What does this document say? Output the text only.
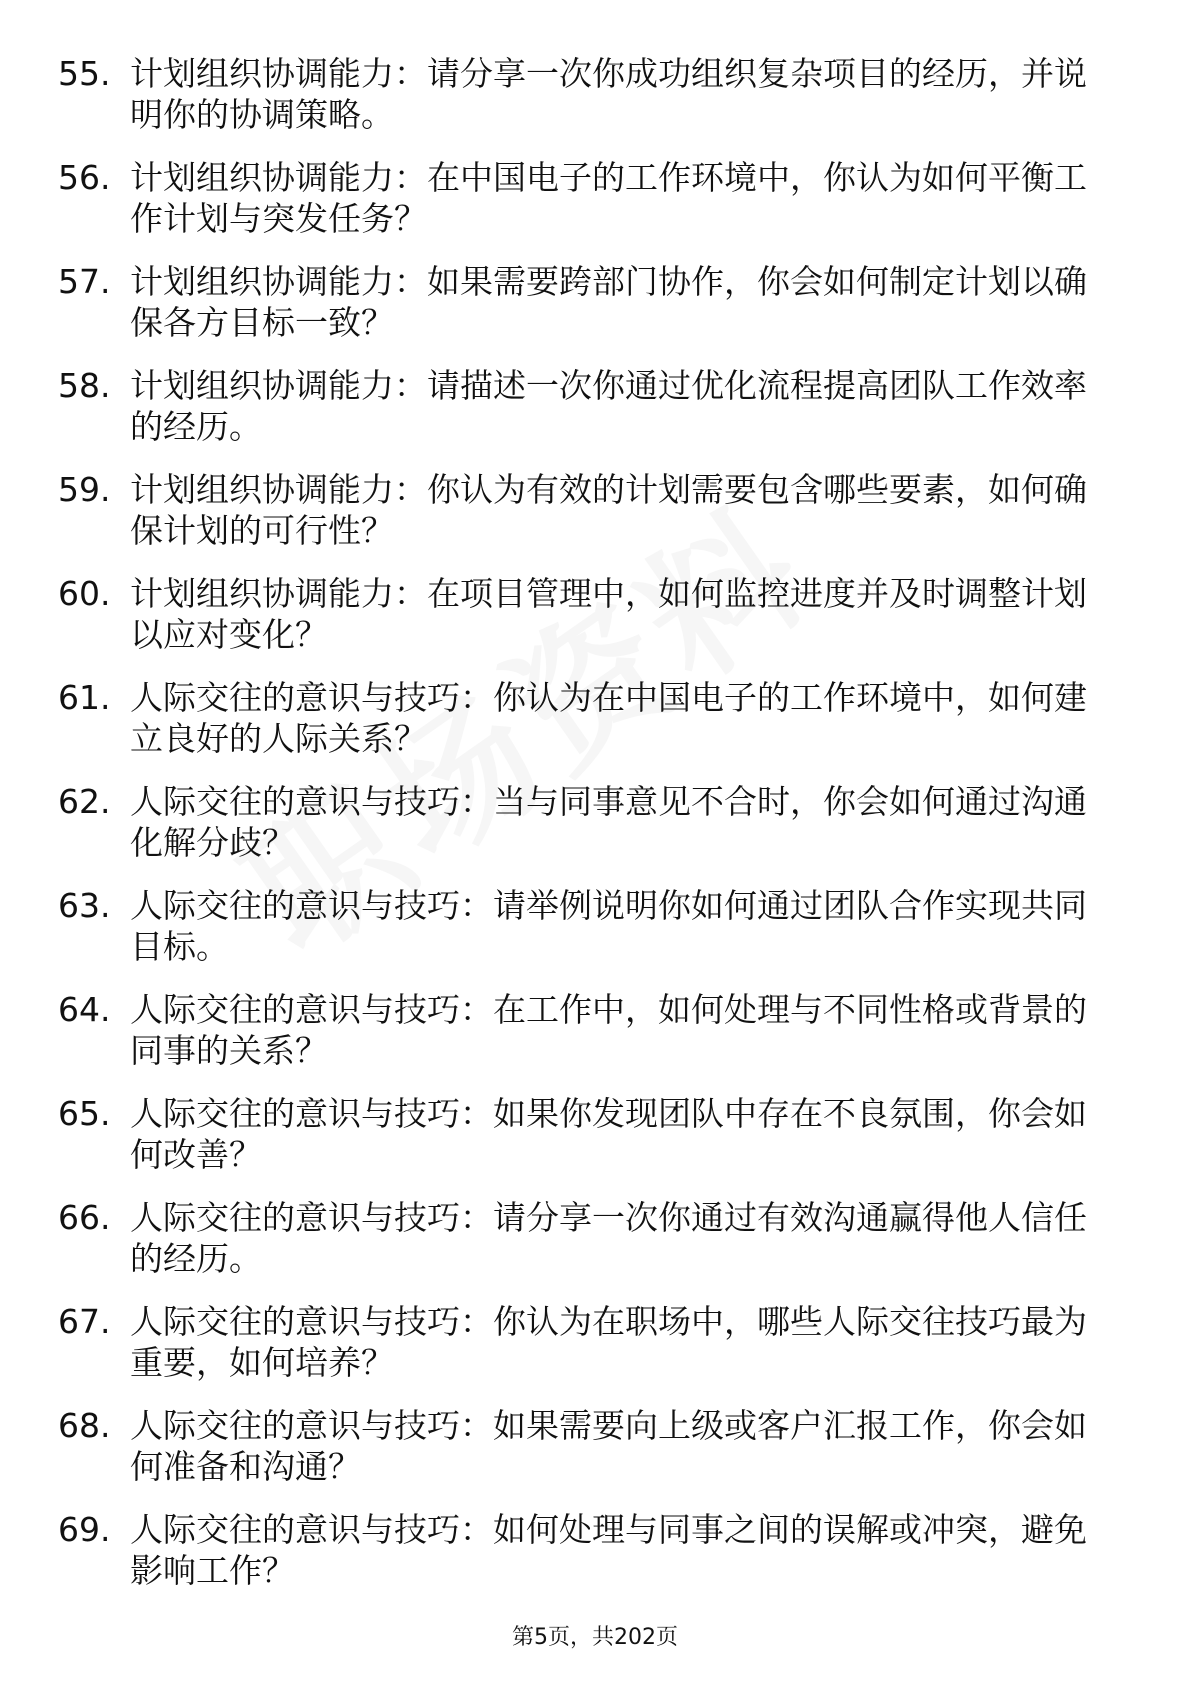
55. 计划组织协调能力：请分享一次你成功组织复杂项目的经历，并说明你的协调策略。
56. 计划组织协调能力：在中国电子的工作环境中，你认为如何平衡工作计划与突发任务？
57. 计划组织协调能力：如果需要跨部门协作，你会如何制定计划以确保各方目标一致？
58. 计划组织协调能力：请描述一次你通过优化流程提高团队工作效率的经历。
59. 计划组织协调能力：你认为有效的计划需要包含哪些要素，如何确保计划的可行性？
60. 计划组织协调能力：在项目管理中，如何监控进度并及时调整计划以应对变化？
61. 人际交往的意识与技巧：你认为在中国电子的工作环境中，如何建立良好的人际关系？
62. 人际交往的意识与技巧：当与同事意见不合时，你会如何通过沟通化解分歧？
63. 人际交往的意识与技巧：请举例说明你如何通过团队合作实现共同目标。
64. 人际交往的意识与技巧：在工作中，如何处理与不同性格或背景的同事的关系？
65. 人际交往的意识与技巧：如果你发现团队中存在不良氛围，你会如何改善？
66. 人际交往的意识与技巧：请分享一次你通过有效沟通赢得他人信任的经历。
67. 人际交往的意识与技巧：你认为在职场中，哪些人际交往技巧最为重要，如何培养？
68. 人际交往的意识与技巧：如果需要向上级或客户汇报工作，你会如何准备和沟通？
69. 人际交往的意识与技巧：如何处理与同事之间的误解或冲突，避免影响工作？
第5页，共202页
